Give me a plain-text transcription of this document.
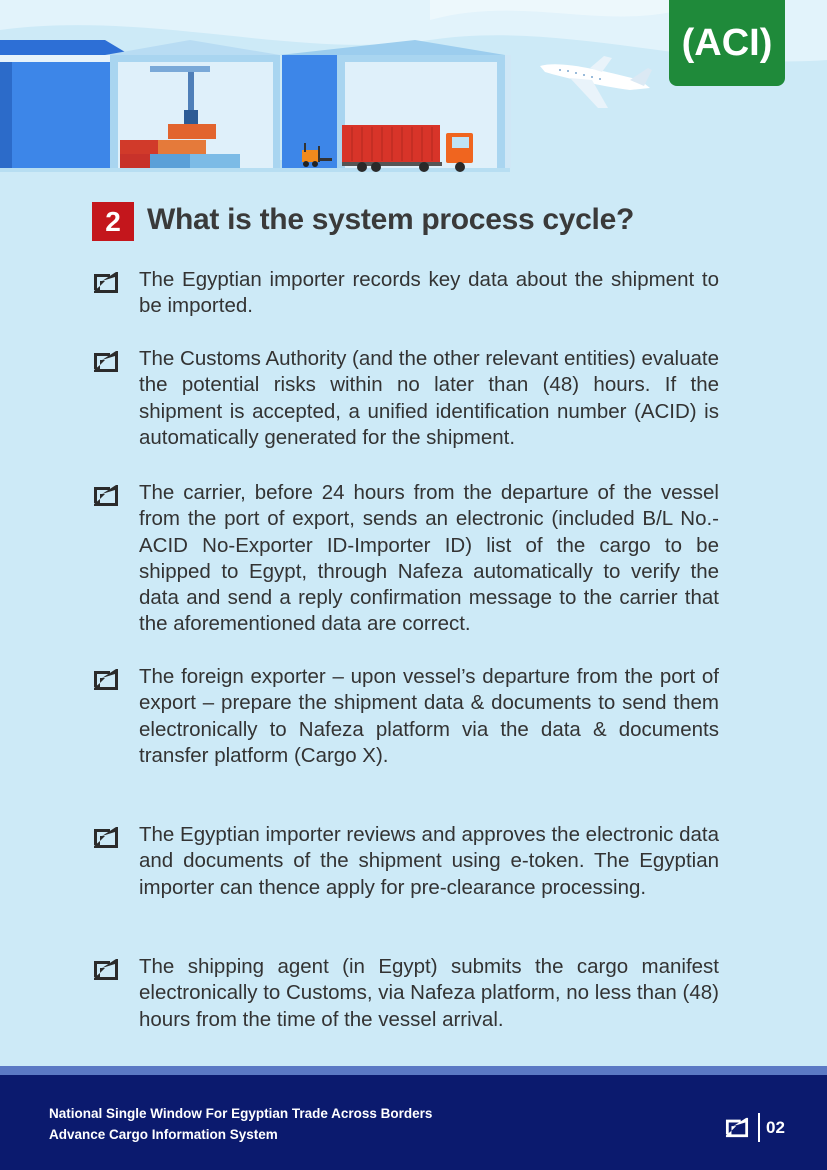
(ACI)
2 What is the system process cycle?

The Egyptian importer records key data about the shipment to be imported.

The Customs Authority (and the other relevant entities) evaluate the potential risks within no later than (48) hours. If the shipment is accepted, a unified identification number (ACID) is automatically generated for the shipment.

The carrier, before 24 hours from the departure of the vessel from the port of export, sends an electronic (included B/L No.-ACID No-Exporter ID-Importer ID) list of the cargo to be shipped to Egypt, through Nafeza automatically to verify the data and send a reply confirmation message to the carrier that the aforementioned data are correct.

The foreign exporter – upon vessel’s departure from the port of export – prepare the shipment data & documents to send them electronically to Nafeza platform via the data & documents transfer platform (Cargo X).

The Egyptian importer reviews and approves the electronic data and documents of the shipment using e-token. The Egyptian importer can thence apply for pre-clearance processing.

The shipping agent (in Egypt) submits the cargo manifest electronically to Customs, via Nafeza platform, no less than (48) hours from the time of the vessel arrival.

National Single Window For Egyptian Trade Across Borders
Advance Cargo Information System	02
